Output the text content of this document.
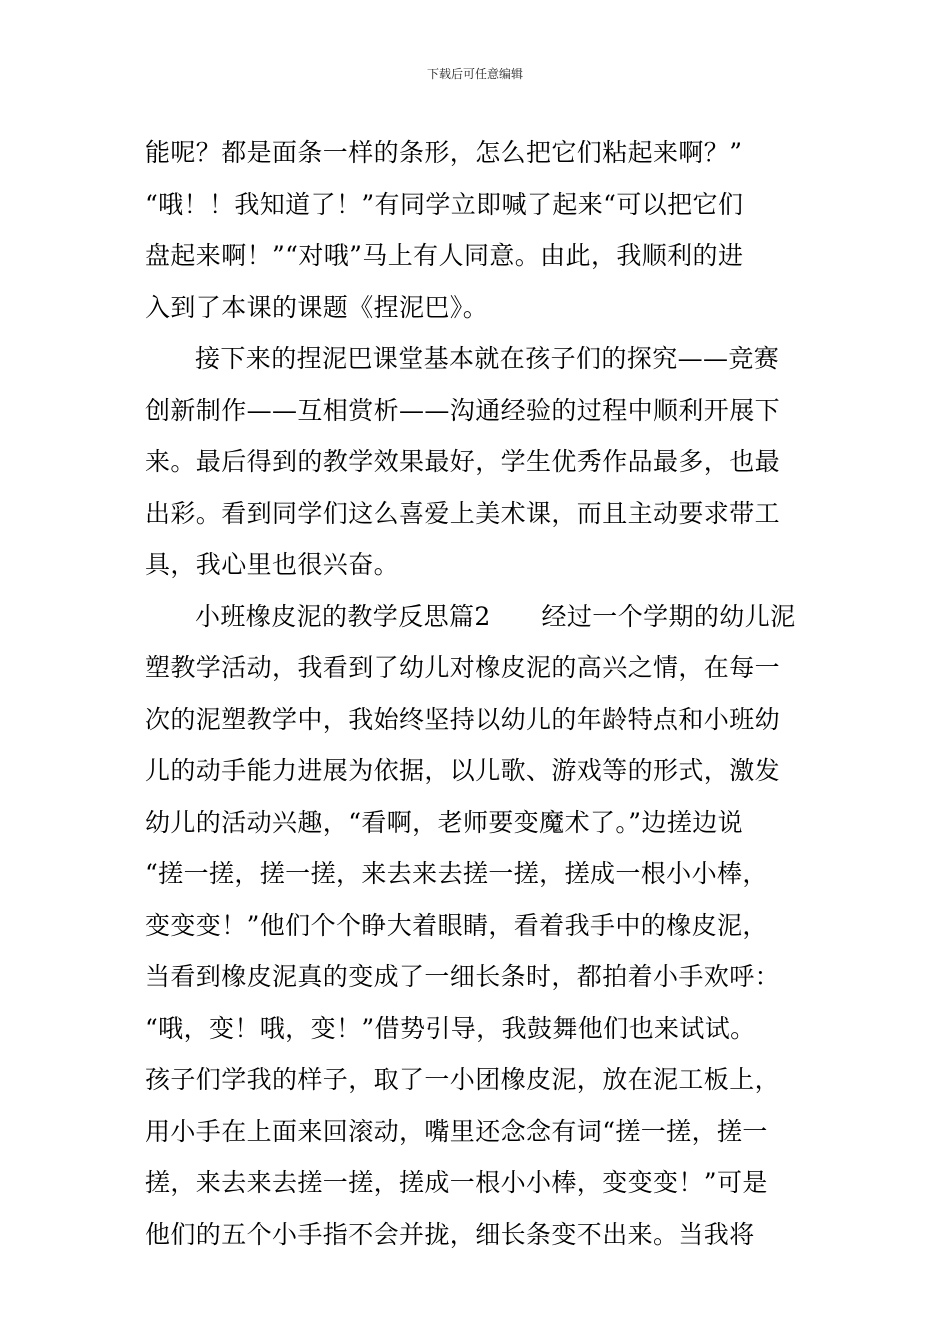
下载后可任意编辑
能呢？都是面条一样的条形，怎么把它们粘起来啊？”
“哦！！我知道了！”有同学立即喊了起来“可以把它们
盘起来啊！”“对哦”马上有人同意。由此，我顺利的进
入到了本课的课题《捏泥巴》。
接下来的捏泥巴课堂基本就在孩子们的探究——竞赛
创新制作——互相赏析——沟通经验的过程中顺利开展下
来。最后得到的教学效果最好，学生优秀作品最多，也最
出彩。看到同学们这么喜爱上美术课，而且主动要求带工
具，我心里也很兴奋。
小班橡皮泥的教学反思篇2　　经过一个学期的幼儿泥
塑教学活动，我看到了幼儿对橡皮泥的高兴之情，在每一
次的泥塑教学中，我始终坚持以幼儿的年龄特点和小班幼
儿的动手能力进展为依据，以儿歌、游戏等的形式，激发
幼儿的活动兴趣，“看啊，老师要变魔术了。”边搓边说
“搓一搓，搓一搓，来去来去搓一搓，搓成一根小小棒，
变变变！”他们个个睁大着眼睛，看着我手中的橡皮泥，
当看到橡皮泥真的变成了一细长条时，都拍着小手欢呼：
“哦，变！哦，变！”借势引导，我鼓舞他们也来试试。
孩子们学我的样子，取了一小团橡皮泥，放在泥工板上，
用小手在上面来回滚动，嘴里还念念有词“搓一搓，搓一
搓，来去来去搓一搓，搓成一根小小棒，变变变！”可是
他们的五个小手指不会并拢，细长条变不出来。当我将
